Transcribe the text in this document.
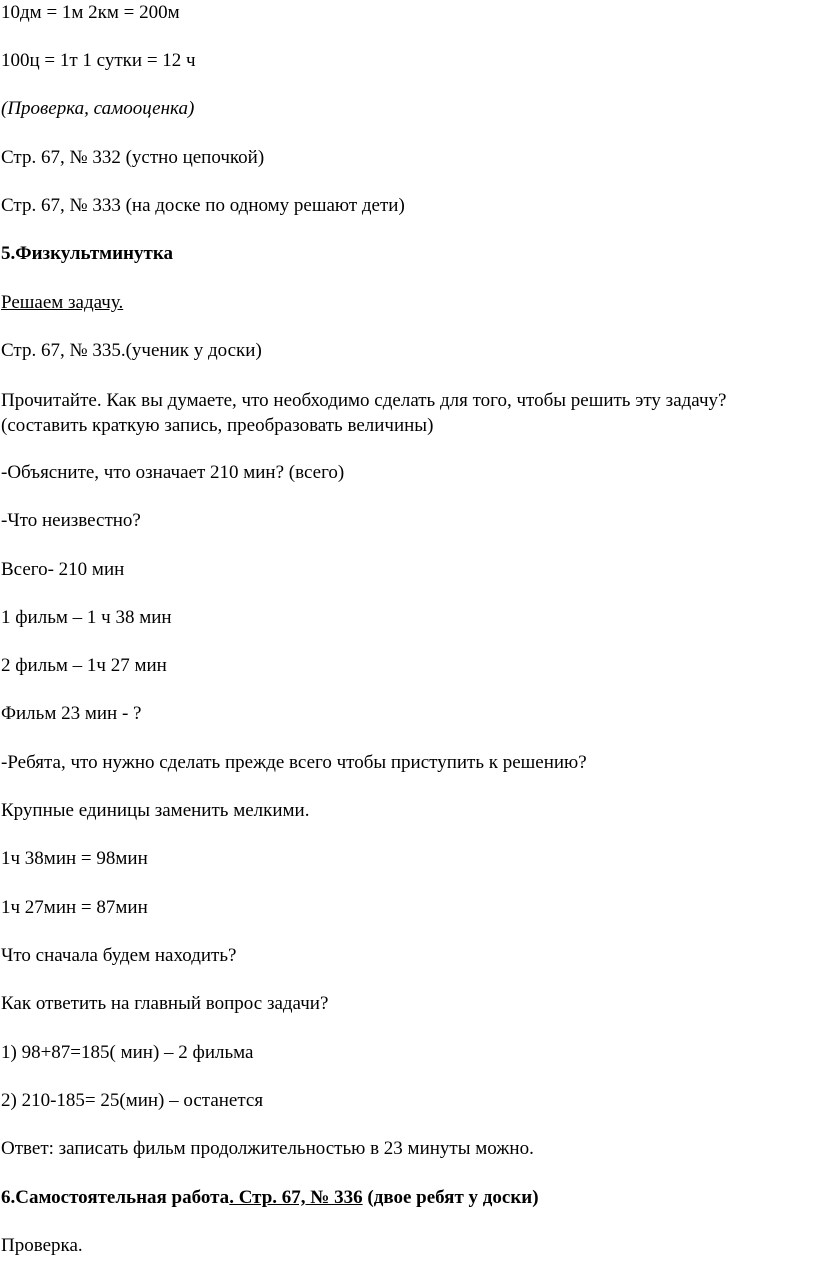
10дм = 1м 2км = 200м

100ц = 1т 1 сутки = 12 ч

(Проверка, самооценка)

Стр. 67, № 332 (устно цепочкой)

Стр. 67, № 333 (на доске по одному решают дети)

5.Физкультминутка

Решаем задачу.

Стр. 67, № 335.(ученик у доски)

Прочитайте. Как вы думаете, что необходимо сделать для того, чтобы решить эту задачу? (составить краткую запись, преобразовать величины)

-Объясните, что означает 210 мин? (всего)

-Что неизвестно?

Всего- 210 мин

1 фильм – 1 ч 38 мин

2 фильм – 1ч 27 мин

Фильм 23 мин - ?

-Ребята, что нужно сделать прежде всего чтобы приступить к решению?

Крупные единицы заменить мелкими.

1ч 38мин = 98мин

1ч 27мин = 87мин

Что сначала будем находить?

Как ответить на главный вопрос задачи?

1) 98+87=185( мин) – 2 фильма

2) 210-185= 25(мин) – останется

Ответ: записать фильм продолжительностью в 23 минуты можно.

6.Самостоятельная работа. Стр. 67, № 336 (двое ребят у доски)

Проверка.
